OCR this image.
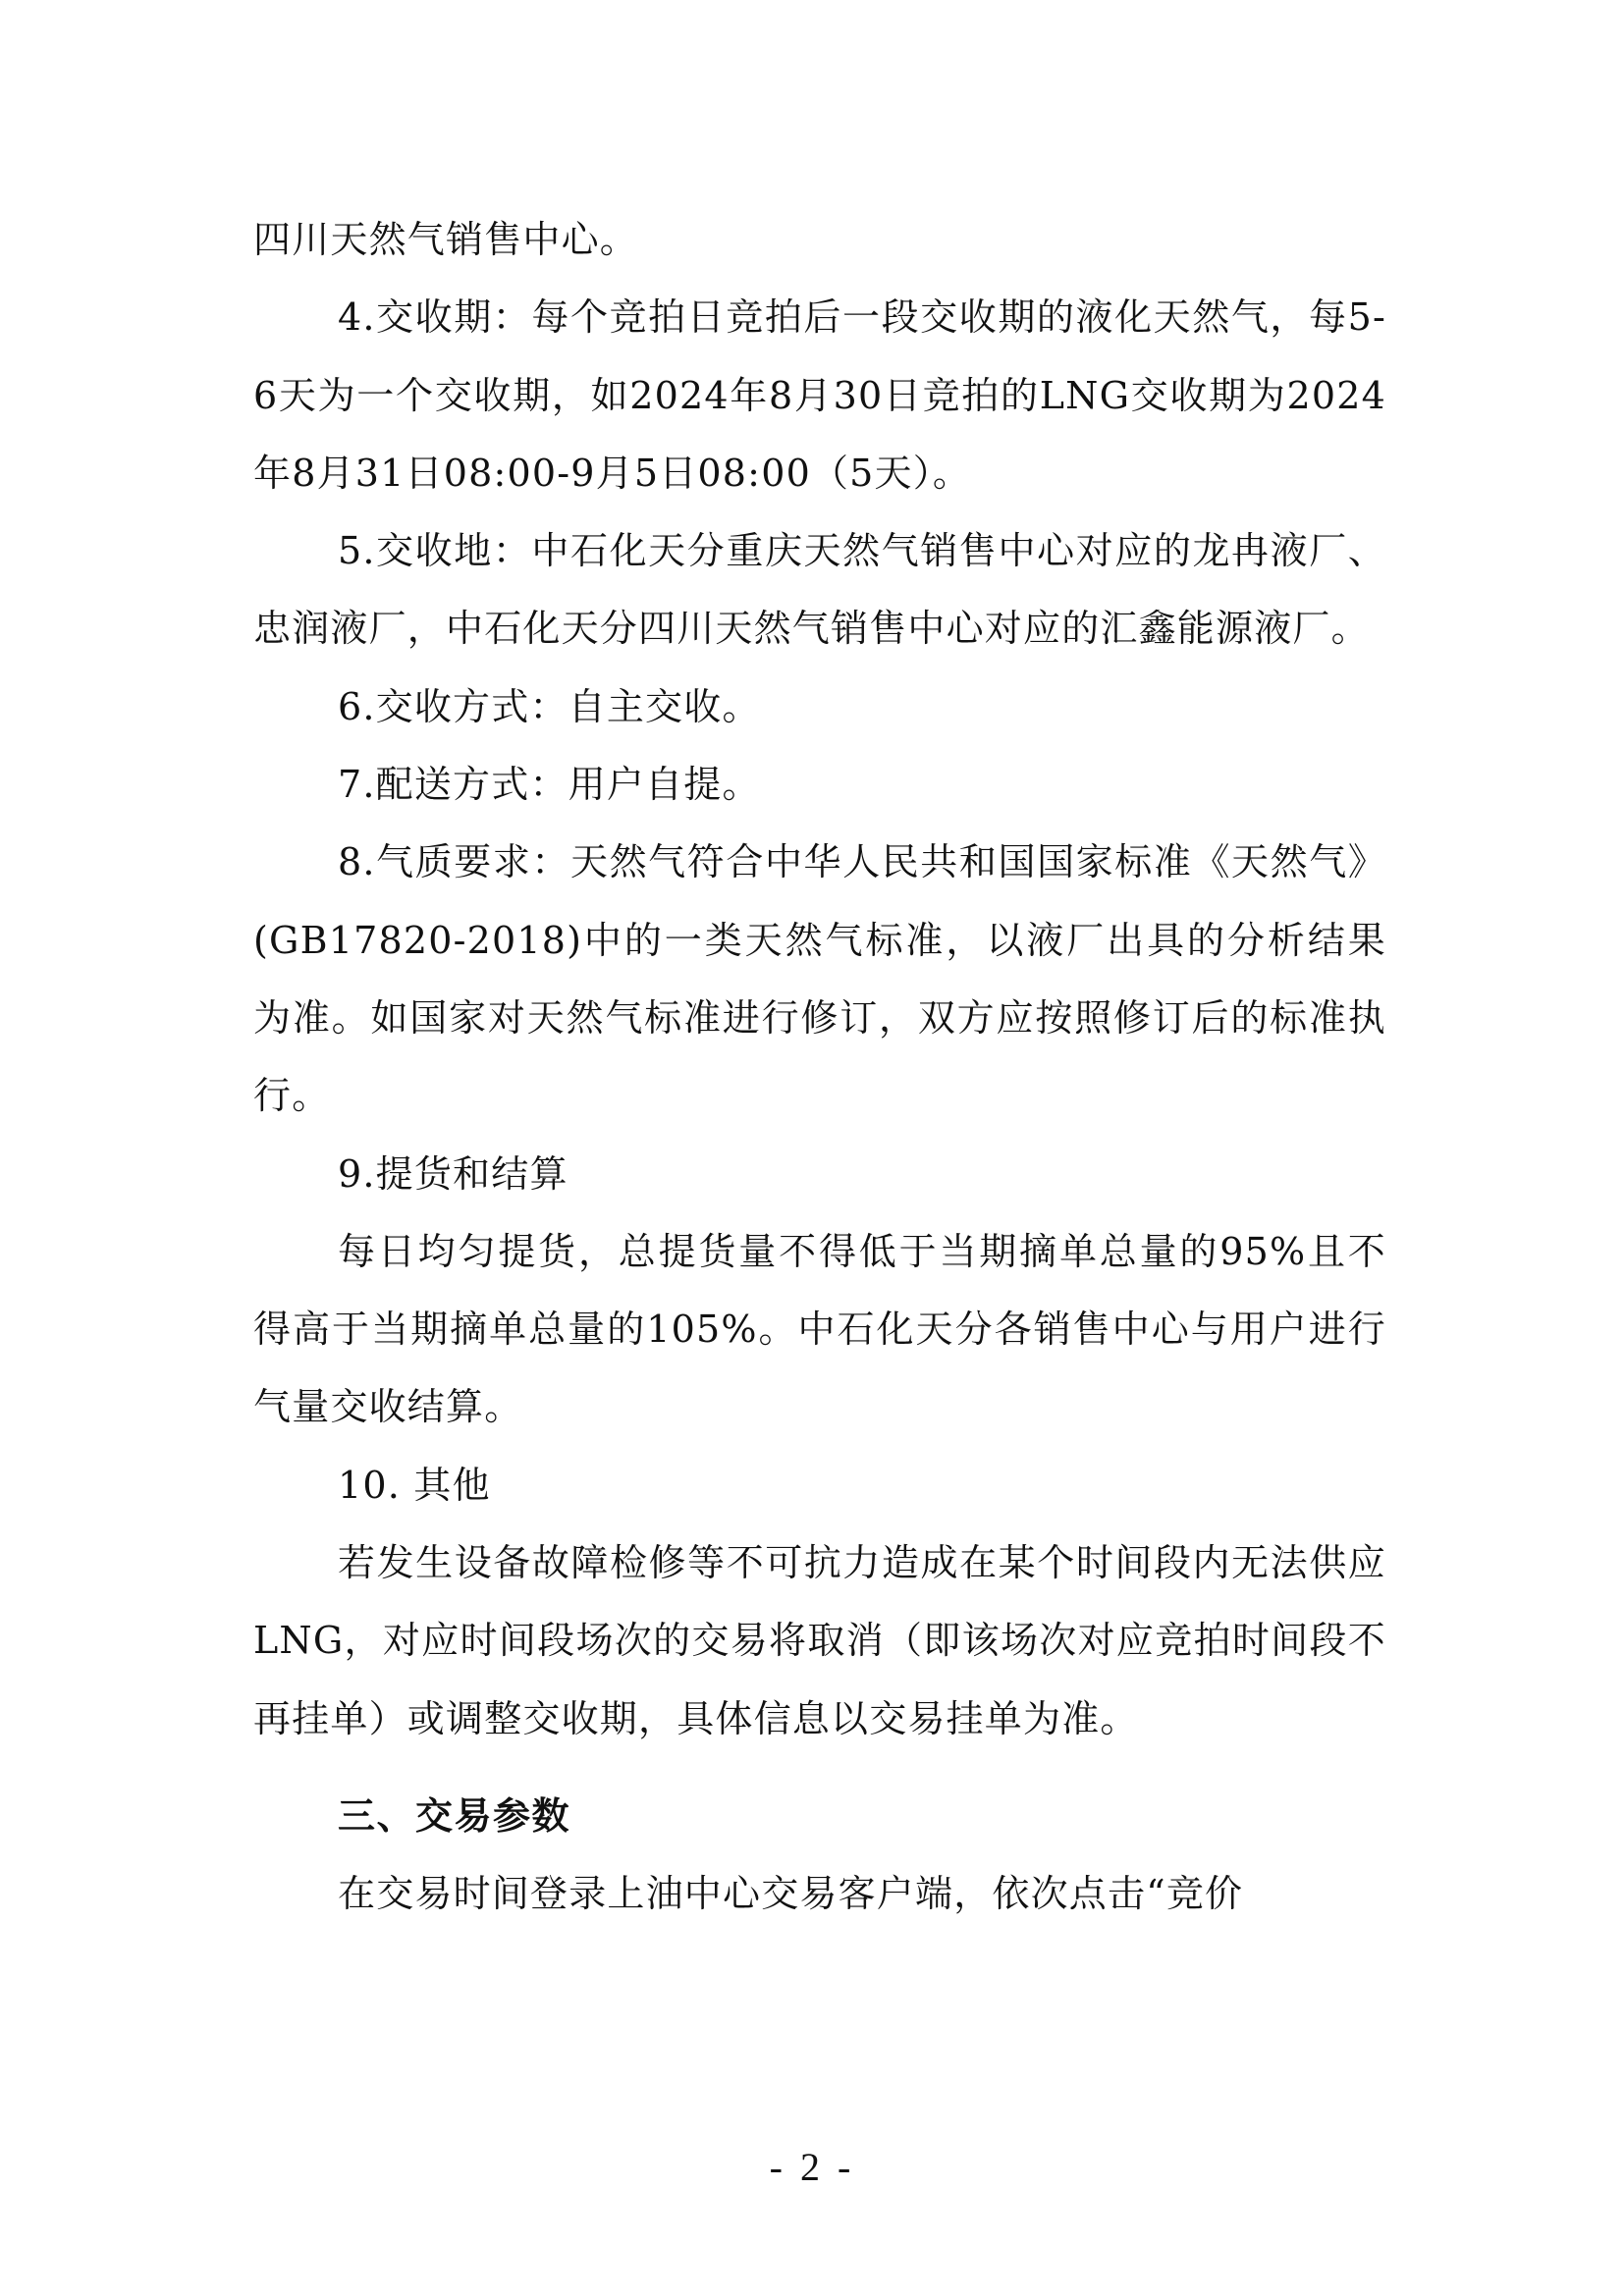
四川天然气销售中心。

4.交收期：每个竞拍日竞拍后一段交收期的液化天然气，每5-6天为一个交收期，如2024年8月30日竞拍的LNG交收期为2024年8月31日08:00-9月5日08:00（5天）。

5.交收地：中石化天分重庆天然气销售中心对应的龙冉液厂、忠润液厂，中石化天分四川天然气销售中心对应的汇鑫能源液厂。

6.交收方式：自主交收。

7.配送方式：用户自提。

8.气质要求：天然气符合中华人民共和国国家标准《天然气》(GB17820-2018)中的一类天然气标准，以液厂出具的分析结果为准。如国家对天然气标准进行修订，双方应按照修订后的标准执行。

9.提货和结算

每日均匀提货，总提货量不得低于当期摘单总量的95%且不得高于当期摘单总量的105%。中石化天分各销售中心与用户进行气量交收结算。

10. 其他

若发生设备故障检修等不可抗力造成在某个时间段内无法供应LNG，对应时间段场次的交易将取消（即该场次对应竞拍时间段不再挂单）或调整交收期，具体信息以交易挂单为准。

三、交易参数

在交易时间登录上油中心交易客户端，依次点击“竞价

- 2 -
